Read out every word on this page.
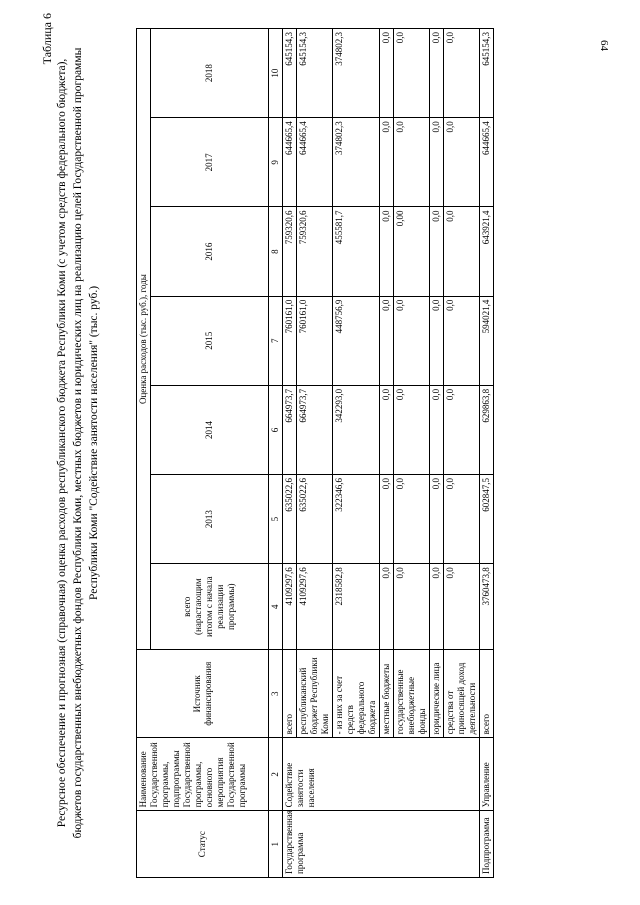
64
Таблица 6
Ресурсное обеспечение и прогнозная (справочная) оценка расходов республиканского бюджета Республики Коми (с учетом средств федерального бюджета), бюджетов государственных внебюджетных фондов Республики Коми, местных бюджетов и юридических лиц на реализацию целей Государственной программы Республики Коми "Содействие занятости населения" (тыс. руб.)
Статус	Наименование Государственной программы, подпрограммы Государственной программы, основного мероприятия Государственной программы	Источник финансирования	Оценка расходов (тыс. руб.), годы						
			всего (нарастающим итогом с начала реализации программы)	2013	2014	2015	2016	2017	2018
1	2	3	4	5	6	7	8	9	10
Государственная программа	Содействие занятости населения	всего	4109297,6	635022,6	664973,7	760161,0	759320,6	644665,4	645154,3
		республиканский бюджет Республики Коми	4109297,6	635022,6	664973,7	760161,0	759320,6	644665,4	645154,3
		- из них за счет средств федерального бюджета	2318582,8	322346,6	342293,0	448756,9	455581,7	374802,3	374802,3
		местные бюджеты	0,0	0,0	0,0	0,0	0,0	0,0	0,0
		государственные внебюджетные фонды	0,0	0,0	0,0	0,0	0,00	0,0	0,0
		юридические лица	0,0	0,0	0,0	0,0	0,0	0,0	0,0
		средства от приносящей доход деятельности	0,0	0,0	0,0	0,0	0,0	0,0	0,0
Подпрограмма	Управление	всего	3760473,8	602847,5	629863,8	594021,4	643921,4	644665,4	645154,3
